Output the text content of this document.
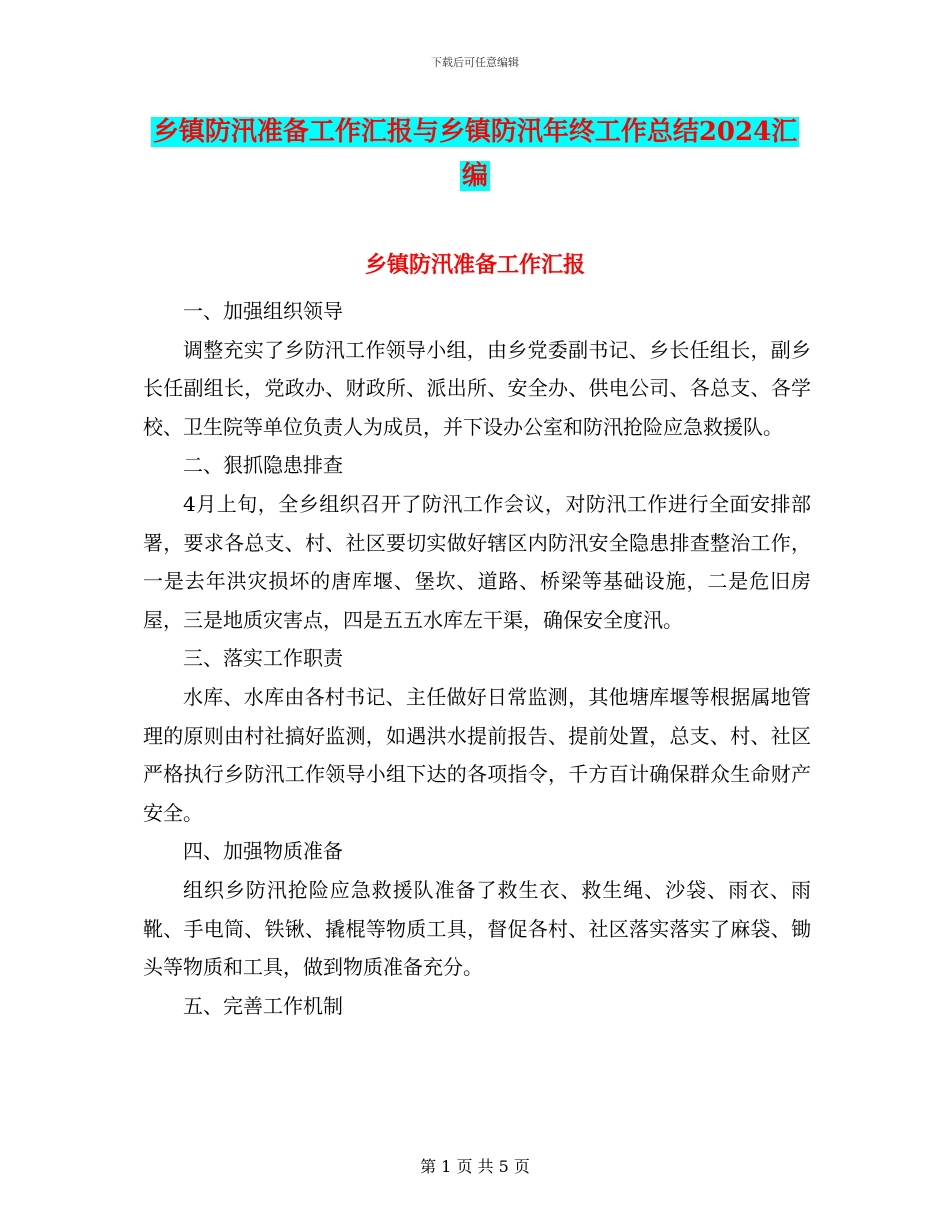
下载后可任意编辑
乡镇防汛准备工作汇报与乡镇防汛年终工作总结2024汇编
乡镇防汛准备工作汇报

一、加强组织领导

调整充实了乡防汛工作领导小组，由乡党委副书记、乡长任组长，副乡长任副组长，党政办、财政所、派出所、安全办、供电公司、各总支、各学校、卫生院等单位负责人为成员，并下设办公室和防汛抢险应急救援队。

二、狠抓隐患排查

4月上旬，全乡组织召开了防汛工作会议，对防汛工作进行全面安排部署，要求各总支、村、社区要切实做好辖区内防汛安全隐患排查整治工作，一是去年洪灾损坏的唐库堰、堡坎、道路、桥梁等基础设施，二是危旧房屋，三是地质灾害点，四是五五水库左干渠，确保安全度汛。

三、落实工作职责

水库、水库由各村书记、主任做好日常监测，其他塘库堰等根据属地管理的原则由村社搞好监测，如遇洪水提前报告、提前处置，总支、村、社区严格执行乡防汛工作领导小组下达的各项指令，千方百计确保群众生命财产安全。

四、加强物质准备

组织乡防汛抢险应急救援队准备了救生衣、救生绳、沙袋、雨衣、雨靴、手电筒、铁锹、撬棍等物质工具，督促各村、社区落实落实了麻袋、锄头等物质和工具，做到物质准备充分。

五、完善工作机制

第 1 页 共 5 页
